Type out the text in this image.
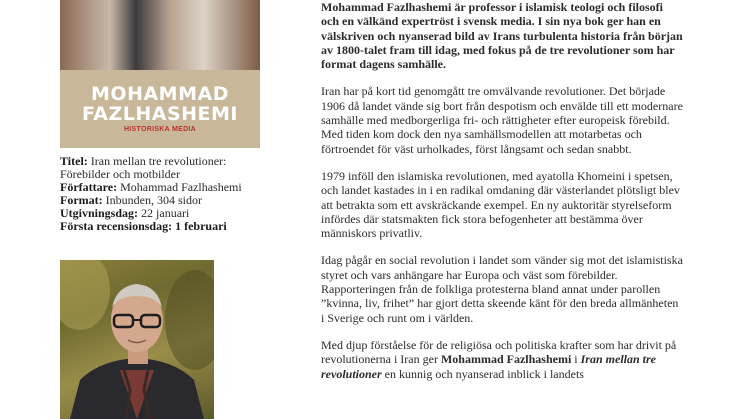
MOHAMMAD
FAZLHASHEMI
HISTORISKA MEDIA
Titel: Iran mellan tre revolutioner: Förebilder och motbilder
Författare: Mohammad Fazlhashemi
Format: Inbunden, 304 sidor
Utgivningsdag: 22 januari
Första recensionsdag: 1 februari

Mohammad Fazlhashemi är professor i islamisk teologi och filosofi och en välkänd expertröst i svensk media. I sin nya bok ger han en välskriven och nyanserad bild av Irans turbulenta historia från början av 1800-talet fram till idag, med fokus på de tre revolutioner som har format dagens samhälle.

Iran har på kort tid genomgått tre omvälvande revolutioner. Det började 1906 då landet vände sig bort från despotism och envälde till ett modernare samhälle med medborgerliga fri- och rättigheter efter europeisk förebild. Med tiden kom dock den nya samhällsmodellen att motarbetas och förtroendet för väst urholkades, först långsamt och sedan snabbt.

1979 inföll den islamiska revolutionen, med ayatolla Khomeini i spetsen, och landet kastades in i en radikal omdaning där västerlandet plötsligt blev att betrakta som ett avskräckande exempel. En ny auktoritär styrelseform infördes där statsmakten fick stora befogenheter att bestämma över människors privatliv.

Idag pågår en social revolution i landet som vänder sig mot det islamistiska styret och vars anhängare har Europa och väst som förebilder. Rapporteringen från de folkliga protesterna bland annat under parollen ”kvinna, liv, frihet” har gjort detta skeende känt för den breda allmänheten i Sverige och runt om i världen.

Med djup förståelse för de religiösa och politiska krafter som har drivit på revolutionerna i Iran ger Mohammad Fazlhashemi i Iran mellan tre revolutioner en kunnig och nyanserad inblick i landets
